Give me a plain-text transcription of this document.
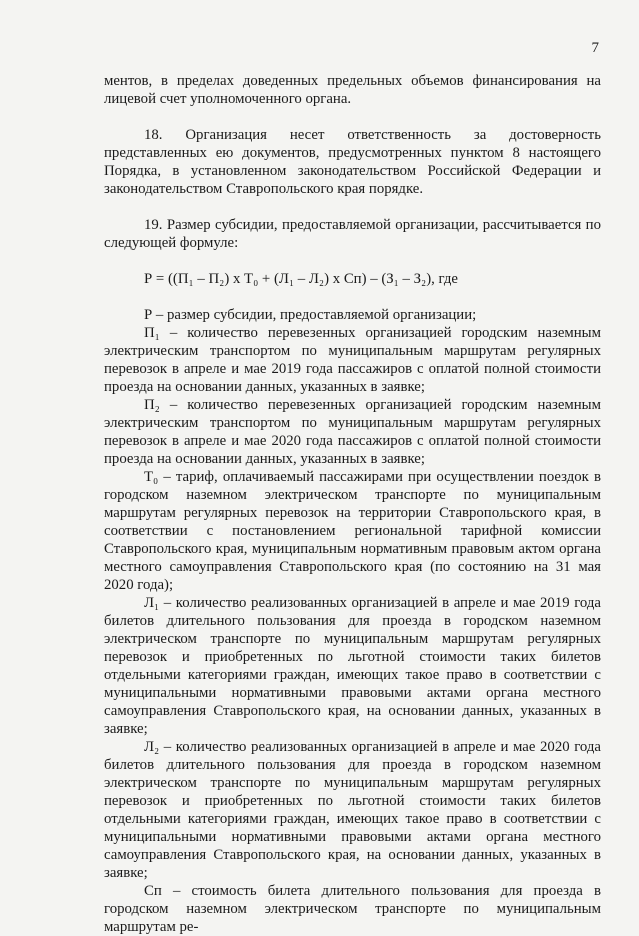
7

ментов, в пределах доведенных предельных объемов финансирования на лицевой счет уполномоченного органа.

18. Организация несет ответственность за достоверность представленных ею документов, предусмотренных пунктом 8 настоящего Порядка, в установленном законодательством Российской Федерации и законодательством Ставропольского края порядке.

19. Размер субсидии, предоставляемой организации, рассчитывается по следующей формуле:

Р = ((П₁ – П₂) х Т₀ + (Л₁ – Л₂) х Сп) – (З₁ – З₂), где

Р – размер субсидии, предоставляемой организации;

П₁ – количество перевезенных организацией городским наземным электрическим транспортом по муниципальным маршрутам регулярных перевозок в апреле и мае 2019 года пассажиров с оплатой полной стоимости проезда на основании данных, указанных в заявке;

П₂ – количество перевезенных организацией городским наземным электрическим транспортом по муниципальным маршрутам регулярных перевозок в апреле и мае 2020 года пассажиров с оплатой полной стоимости проезда на основании данных, указанных в заявке;

Т₀ – тариф, оплачиваемый пассажирами при осуществлении поездок в городском наземном электрическом транспорте по муниципальным маршрутам регулярных перевозок на территории Ставропольского края, в соответствии с постановлением региональной тарифной комиссии Ставропольского края, муниципальным нормативным правовым актом органа местного самоуправления Ставропольского края (по состоянию на 31 мая 2020 года);

Л₁ – количество реализованных организацией в апреле и мае 2019 года билетов длительного пользования для проезда в городском наземном электрическом транспорте по муниципальным маршрутам регулярных перевозок и приобретенных по льготной стоимости таких билетов отдельными категориями граждан, имеющих такое право в соответствии с муниципальными нормативными правовыми актами органа местного самоуправления Ставропольского края, на основании данных, указанных в заявке;

Л₂ – количество реализованных организацией в апреле и мае 2020 года билетов длительного пользования для проезда в городском наземном электрическом транспорте по муниципальным маршрутам регулярных перевозок и приобретенных по льготной стоимости таких билетов отдельными категориями граждан, имеющих такое право в соответствии с муниципальными нормативными правовыми актами органа местного самоуправления Ставропольского края, на основании данных, указанных в заявке;

Сп – стоимость билета длительного пользования для проезда в городском наземном электрическом транспорте по муниципальным маршрутам ре-
